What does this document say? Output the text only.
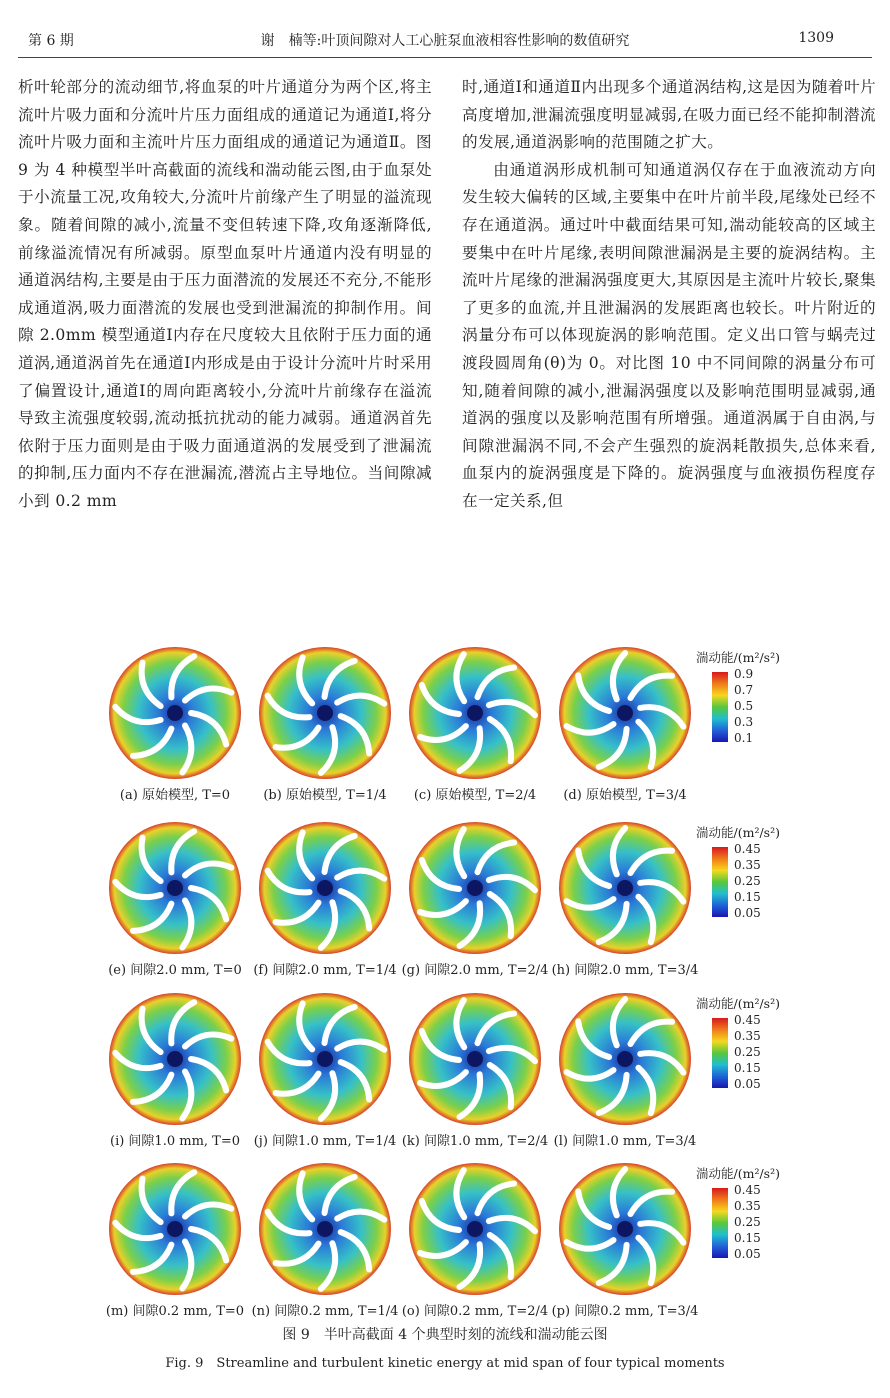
第 6 期	谢　楠等:叶顶间隙对人工心脏泵血液相容性影响的数值研究	1309

析叶轮部分的流动细节,将血泵的叶片通道分为两个区,将主流叶片吸力面和分流叶片压力面组成的通道记为通道Ⅰ,将分流叶片吸力面和主流叶片压力面组成的通道记为通道Ⅱ。图 9 为 4 种模型半叶高截面的流线和湍动能云图,由于血泵处于小流量工况,攻角较大,分流叶片前缘产生了明显的溢流现象。随着间隙的减小,流量不变但转速下降,攻角逐渐降低,前缘溢流情况有所减弱。原型血泵叶片通道内没有明显的通道涡结构,主要是由于压力面潜流的发展还不充分,不能形成通道涡,吸力面潜流的发展也受到泄漏流的抑制作用。间隙 2.0mm 模型通道Ⅰ内存在尺度较大且依附于压力面的通道涡,通道涡首先在通道Ⅰ内形成是由于设计分流叶片时采用了偏置设计,通道Ⅰ的周向距离较小,分流叶片前缘存在溢流导致主流强度较弱,流动抵抗扰动的能力减弱。通道涡首先依附于压力面则是由于吸力面通道涡的发展受到了泄漏流的抑制,压力面内不存在泄漏流,潜流占主导地位。当间隙减小到 0.2 mm

时,通道Ⅰ和通道Ⅱ内出现多个通道涡结构,这是因为随着叶片高度增加,泄漏流强度明显减弱,在吸力面已经不能抑制潜流的发展,通道涡影响的范围随之扩大。

由通道涡形成机制可知通道涡仅存在于血液流动方向发生较大偏转的区域,主要集中在叶片前半段,尾缘处已经不存在通道涡。通过叶中截面结果可知,湍动能较高的区域主要集中在叶片尾缘,表明间隙泄漏涡是主要的旋涡结构。主流叶片尾缘的泄漏涡强度更大,其原因是主流叶片较长,聚集了更多的血流,并且泄漏涡的发展距离也较长。叶片附近的涡量分布可以体现旋涡的影响范围。定义出口管与蜗壳过渡段圆周角(θ)为 0。对比图 10 中不同间隙的涡量分布可知,随着间隙的减小,泄漏涡强度以及影响范围明显减弱,通道涡的强度以及影响范围有所增强。通道涡属于自由涡,与间隙泄漏涡不同,不会产生强烈的旋涡耗散损失,总体来看,血泵内的旋涡强度是下降的。旋涡强度与血液损伤程度存在一定关系,但

(a) 原始模型, T=0	(b) 原始模型, T=1/4	(c) 原始模型, T=2/4	(d) 原始模型, T=3/4
湍动能/(m²/s²)
0.9
0.7
0.5
0.3
0.1
(e) 间隙2.0 mm, T=0 (f) 间隙2.0 mm, T=1/4 (g) 间隙2.0 mm, T=2/4 (h) 间隙2.0 mm, T=3/4
湍动能/(m²/s²)
0.45
0.35
0.25
0.15
0.05
(i) 间隙1.0 mm, T=0	(j) 间隙1.0 mm, T=1/4 (k) 间隙1.0 mm, T=2/4 (l) 间隙1.0 mm, T=3/4
湍动能/(m²/s²)
0.45
0.35
0.25
0.15
0.05
(m) 间隙0.2 mm, T=0 (n) 间隙0.2 mm, T=1/4 (o) 间隙0.2 mm, T=2/4 (p) 间隙0.2 mm, T=3/4
湍动能/(m²/s²)
0.45
0.35
0.25
0.15
0.05
图 9　半叶高截面 4 个典型时刻的流线和湍动能云图
Fig. 9　Streamline and turbulent kinetic energy at mid span of four typical moments
